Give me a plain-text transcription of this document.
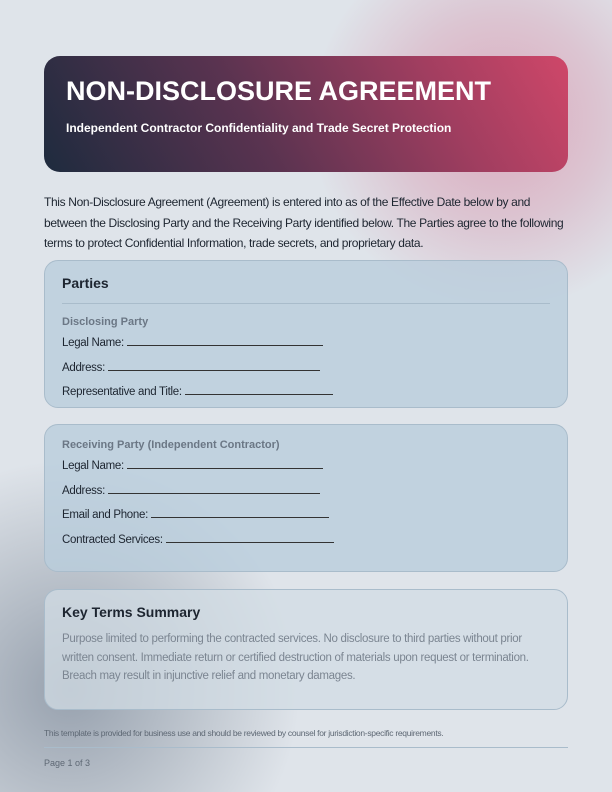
NON-DISCLOSURE AGREEMENT

Independent Contractor Confidentiality and Trade Secret Protection

This Non-Disclosure Agreement (Agreement) is entered into as of the Effective Date below by and between the Disclosing Party and the Receiving Party identified below. The Parties agree to the following terms to protect Confidential Information, trade secrets, and proprietary data.

Parties
Disclosing Party
Legal Name:
Address:
Representative and Title:
Receiving Party (Independent Contractor)
Legal Name:
Address:
Email and Phone:
Contracted Services:
Key Terms Summary

Purpose limited to performing the contracted services. No disclosure to third parties without prior written consent. Immediate return or certified destruction of materials upon request or termination. Breach may result in injunctive relief and monetary damages.

This template is provided for business use and should be reviewed by counsel for jurisdiction-specific requirements.
Page 1 of 3
